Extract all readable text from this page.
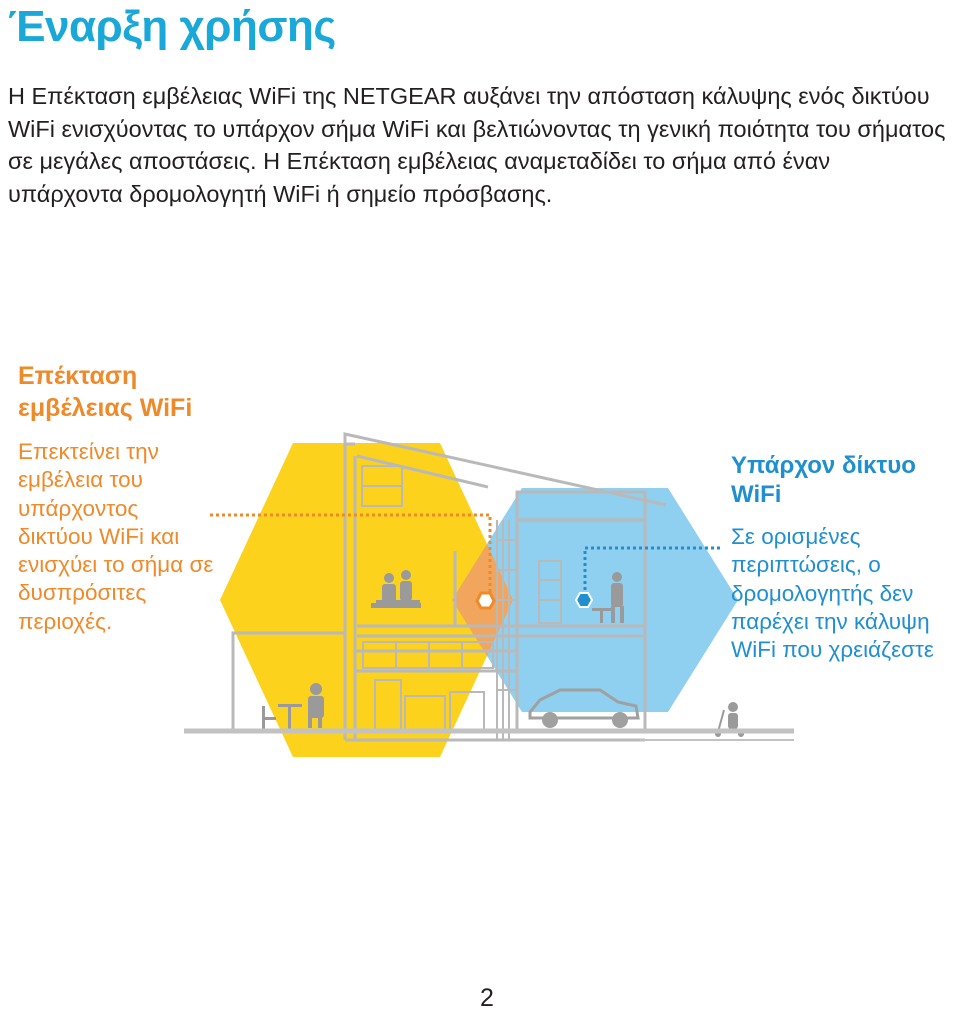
Έναρξη χρήσης

Η Επέκταση εμβέλειας WiFi της NETGEAR αυξάνει την απόσταση κάλυψης ενός δικτύου WiFi ενισχύοντας το υπάρχον σήμα WiFi και βελτιώνοντας τη γενική ποιότητα του σήματος σε μεγάλες αποστάσεις. Η Επέκταση εμβέλειας αναμεταδίδει το σήμα από έναν υπάρχοντα δρομολογητή WiFi ή σημείο πρόσβασης.

Επέκταση εμβέλειας WiFi

Επεκτείνει την εμβέλεια του υπάρχοντος δικτύου WiFi και ενισχύει το σήμα σε δυσπρόσιτες περιοχές.

Υπάρχον δίκτυο WiFi

Σε ορισμένες περιπτώσεις, ο δρομολογητής δεν παρέχει την κάλυψη WiFi που χρειάζεστε

2
